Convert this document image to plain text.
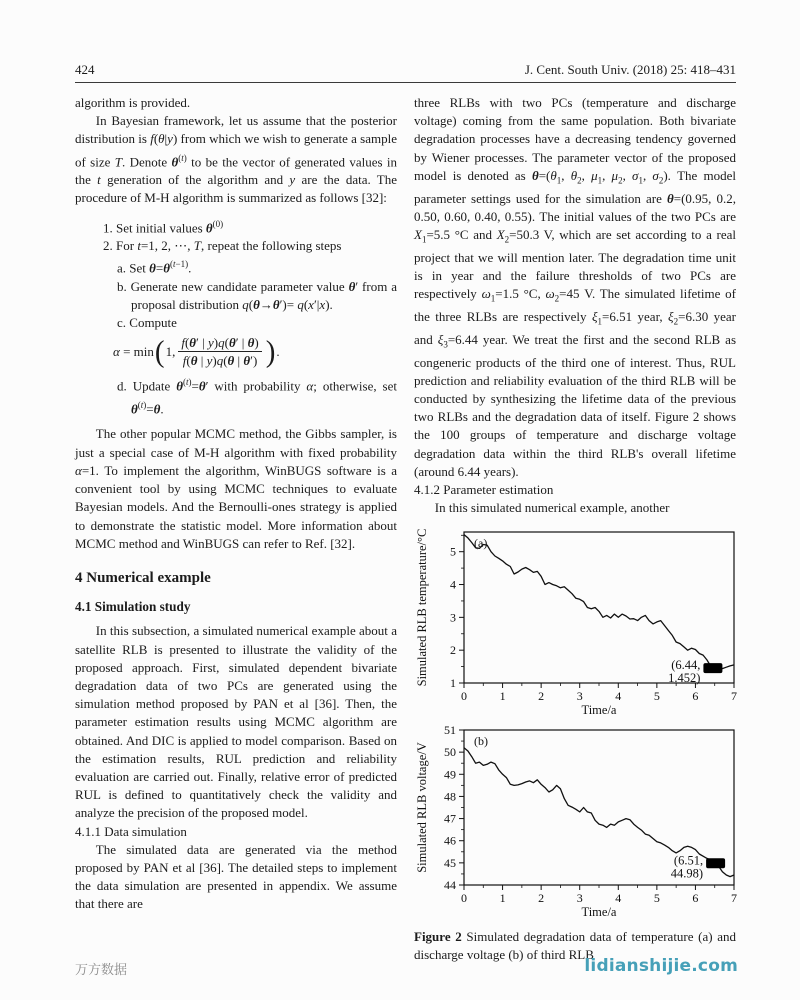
424	J. Cent. South Univ. (2018) 25: 418–431

algorithm is provided.

In Bayesian framework, let us assume that the posterior distribution is f(θ|y) from which we wish to generate a sample of size T. Denote $\theta^{(t)}$ to be the vector of generated values in the t generation of the algorithm and y are the data. The procedure of M-H algorithm is summarized as follows [32]:

1. Set initial values $\theta^{(0)}$
2. For t=1, 2, ⋯, T, repeat the following steps
a. Set $\theta=\theta^{(t-1)}$.
b. Generate new candidate parameter value θ′ from a proposal distribution q(θ→θ′)= q(x′|x).
c. Compute
α = min ( 1, $\frac{f(\theta' | y)q(\theta' | \theta)}{f(\theta | y)q(\theta | \theta')}$ ) .
d. Update $\theta^{(t)}=\theta'$ with probability α; otherwise, set $\theta^{(t)}=\theta$.

The other popular MCMC method, the Gibbs sampler, is just a special case of M-H algorithm with fixed probability α=1. To implement the algorithm, WinBUGS software is a convenient tool by using MCMC techniques to evaluate Bayesian models. And the Bernoulli-ones strategy is applied to demonstrate the statistic model. More information about MCMC method and WinBUGS can refer to Ref. [32].

4 Numerical example

4.1 Simulation study

In this subsection, a simulated numerical example about a satellite RLB is presented to illustrate the validity of the proposed approach. First, simulated dependent bivariate degradation data of two PCs are generated using the simulation method proposed by PAN et al [36]. Then, the parameter estimation results using MCMC algorithm are obtained. And DIC is applied to model comparison. Based on the estimation results, RUL prediction and reliability evaluation are carried out. Finally, relative error of predicted RUL is defined to quantitatively check the validity and analyze the precision of the proposed model.

4.1.1 Data simulation

The simulated data are generated via the method proposed by PAN et al [36]. The detailed steps to implement the data simulation are presented in appendix. We assume that there are

three RLBs with two PCs (temperature and discharge voltage) coming from the same population. Both bivariate degradation processes have a decreasing tendency governed by Wiener processes. The parameter vector of the proposed model is denoted as $\theta=(\theta_1$, $\theta_2$, $\mu_1$, $\mu_2$, $\sigma_1$, $\sigma_2$). The model parameter settings used for the simulation are θ=(0.95, 0.2, 0.50, 0.60, 0.40, 0.55). The initial values of the two PCs are $X_1=5.5$ °C and $X_2=50.3$ V, which are set according to a real project that we will mention later. The degradation time unit is in year and the failure thresholds of two PCs are respectively $\omega_1=1.5$ °C, $\omega_2=45$ V. The simulated lifetime of the three RLBs are respectively $\xi_1=6.51$ year, $\xi_2=6.30$ year and $\xi_3=6.44$ year. We treat the first and the second RLB as congeneric products of the third one of interest. Thus, RUL prediction and reliability evaluation of the third RLB will be conducted by synthesizing the lifetime data of the previous two RLBs and the degradation data of itself. Figure 2 shows the 100 groups of temperature and discharge voltage degradation data within the third RLB's overall lifetime (around 6.44 years).

4.1.2 Parameter estimation

In this simulated numerical example, another

0	1	2	3	4	5	6	7
1
2
3
4
5
(6.44,
1.452)
(a)
Time/a
Simulated RLB temperature/°C

0	1	2	3	4	5	6	7
44
45
46
47
48
49
50
51
(6.51,
44.98)
(b)
Time/a
Simulated RLB voltage/V
Figure 2 Simulated degradation data of temperature (a) and discharge voltage (b) of third RLB
万方数据	lidianshijie.com
